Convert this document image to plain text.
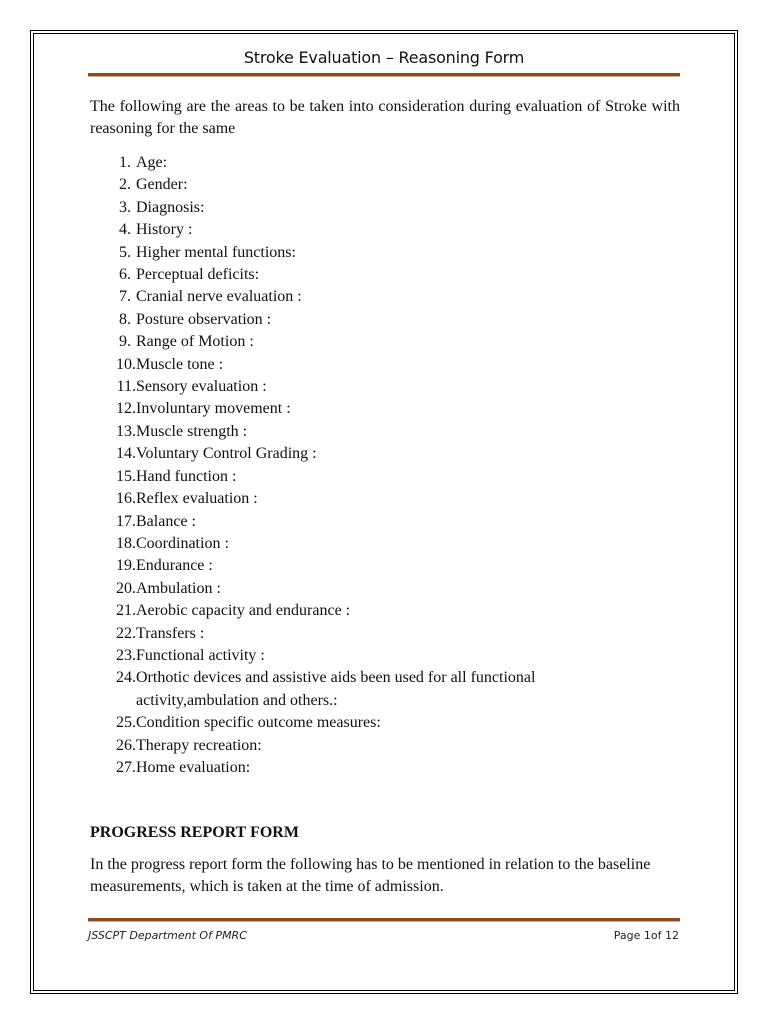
Stroke Evaluation – Reasoning Form

The following are the areas to be taken into consideration during evaluation of Stroke with reasoning for the same

1. Age:
2. Gender:
3. Diagnosis:
4. History :
5. Higher mental functions:
6. Perceptual deficits:
7. Cranial nerve evaluation :
8. Posture observation :
9. Range of Motion :
10. Muscle tone :
11. Sensory evaluation :
12. Involuntary movement :
13. Muscle strength :
14. Voluntary Control Grading :
15. Hand function :
16. Reflex evaluation :
17. Balance :
18. Coordination :
19. Endurance :
20. Ambulation :
21. Aerobic capacity and endurance :
22. Transfers :
23. Functional activity :
24. Orthotic devices and assistive aids been used for all functional
activity,ambulation and others.:
25. Condition specific outcome measures:
26. Therapy recreation:
27. Home evaluation:
PROGRESS REPORT FORM

In the progress report form the following has to be mentioned in relation to the baseline measurements, which is taken at the time of admission.

JSSCPT Department Of PMRC	Page 1of 12
